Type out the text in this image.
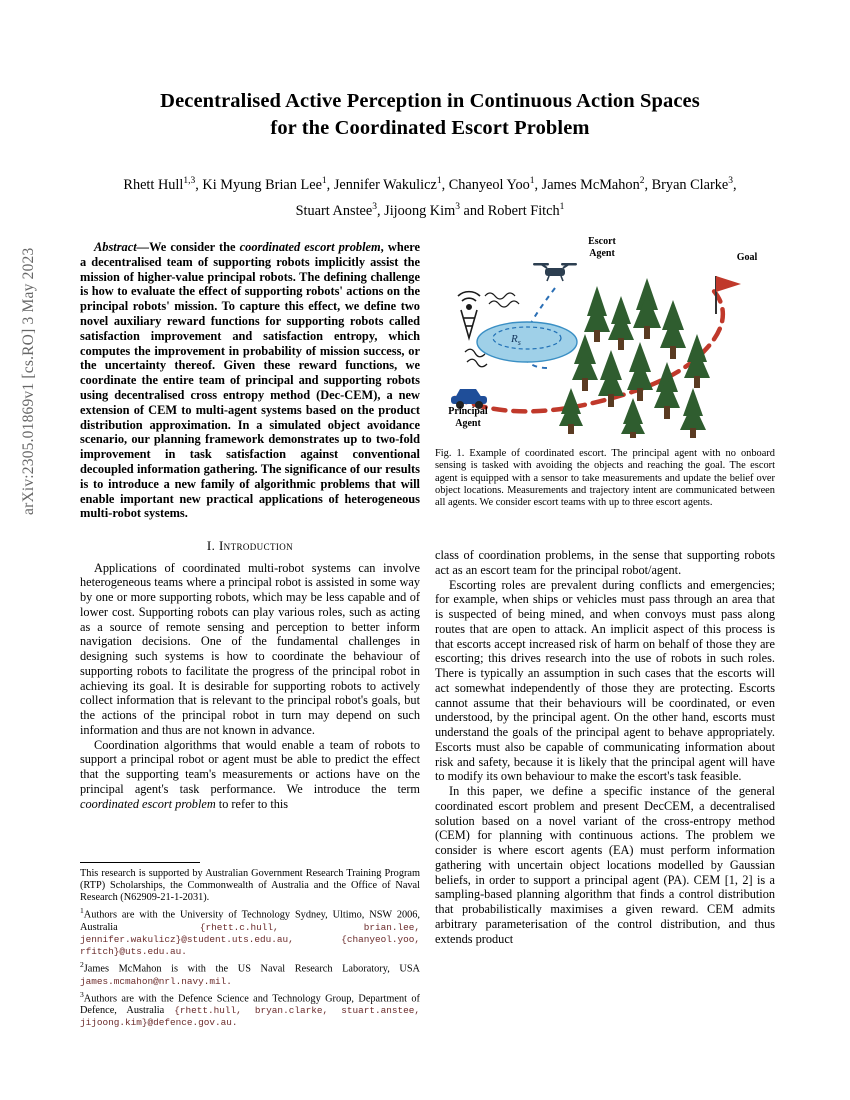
arXiv:2305.01869v1 [cs.RO] 3 May 2023
Decentralised Active Perception in Continuous Action Spaces
for the Coordinated Escort Problem
Rhett Hull$^{1,3}$, Ki Myung Brian Lee$^1$, Jennifer Wakulicz$^1$, Chanyeol Yoo$^1$, James McMahon$^2$, Bryan Clarke$^3$,
Stuart Anstee$^3$, Jijoong Kim$^3$ and Robert Fitch$^1$
Abstract—We consider the coordinated escort problem, where a decentralised team of supporting robots implicitly assist the mission of higher-value principal robots. The defining challenge is how to evaluate the effect of supporting robots' actions on the principal robots' mission. To capture this effect, we define two novel auxiliary reward functions for supporting robots called satisfaction improvement and satisfaction entropy, which computes the improvement in probability of mission success, or the uncertainty thereof. Given these reward functions, we coordinate the entire team of principal and supporting robots using decentralised cross entropy method (Dec-CEM), a new extension of CEM to multi-agent systems based on the product distribution approximation. In a simulated object avoidance scenario, our planning framework demonstrates up to two-fold improvement in task satisfaction against conventional decoupled information gathering. The significance of our results is to introduce a new family of algorithmic problems that will enable important new practical applications of heterogeneous multi-robot systems.
I. Introduction

Applications of coordinated multi-robot systems can involve heterogeneous teams where a principal robot is assisted in some way by one or more supporting robots, which may be less capable and of lower cost. Supporting robots can play various roles, such as acting as a source of remote sensing and perception to better inform navigation decisions. One of the fundamental challenges in designing such systems is how to coordinate the behaviour of supporting robots to facilitate the progress of the principal robot in achieving its goal. It is desirable for supporting robots to actively collect information that is relevant to the principal robot's goals, but the actions of the principal robot in turn may depend on such information and thus are not known in advance.

Coordination algorithms that would enable a team of robots to support a principal robot or agent must be able to predict the effect that the supporting team's measurements or actions have on the principal agent's task performance. We introduce the term coordinated escort problem to refer to this

This research is supported by Australian Government Research Training Program (RTP) Scholarships, the Commonwealth of Australia and the Office of Naval Research (N62909-21-1-2031).

$^1$Authors are with the University of Technology Sydney, Ultimo, NSW 2006, Australia {rhett.c.hull, brian.lee, jennifer.wakulicz}@student.uts.edu.au, {chanyeol.yoo, rfitch}@uts.edu.au.

$^2$James McMahon is with the US Naval Research Laboratory, USA james.mcmahon@nrl.navy.mil.

$^3$Authors are with the Defence Science and Technology Group, Department of Defence, Australia {rhett.hull, bryan.clarke, stuart.anstee, jijoong.kim}@defence.gov.au.

Escort
Agent	Goal
Principal
Agent
$R_s$
Fig. 1. Example of coordinated escort. The principal agent with no onboard sensing is tasked with avoiding the objects and reaching the goal. The escort agent is equipped with a sensor to take measurements and update the belief over object locations. Measurements and trajectory intent are communicated between all agents. We consider escort teams with up to three escort agents.

class of coordination problems, in the sense that supporting robots act as an escort team for the principal robot/agent.

Escorting roles are prevalent during conflicts and emergencies; for example, when ships or vehicles must pass through an area that is suspected of being mined, and when convoys must pass along routes that are open to attack. An implicit aspect of this process is that escorts accept increased risk of harm on behalf of those they are escorting; this drives research into the use of robots in such roles. There is typically an assumption in such cases that the escorts will act somewhat independently of those they are protecting. Escorts cannot assume that their behaviours will be coordinated, or even understood, by the principal agent. On the other hand, escorts must understand the goals of the principal agent to behave appropriately. Escorts must also be capable of communicating information about risk and safety, because it is likely that the principal agent will have to modify its own behaviour to make the escort's task feasible.

In this paper, we define a specific instance of the general coordinated escort problem and present DecCEM, a decentralised solution based on a novel variant of the cross-entropy method (CEM) for planning with continuous actions. The problem we consider is where escort agents (EA) must perform information gathering with uncertain object locations modelled by Gaussian beliefs, in order to support a principal agent (PA). CEM [1, 2] is a sampling-based planning algorithm that finds a control distribution that probabilistically maximises a given reward. CEM admits arbitrary parameterisation of the control distribution, and thus extends product
